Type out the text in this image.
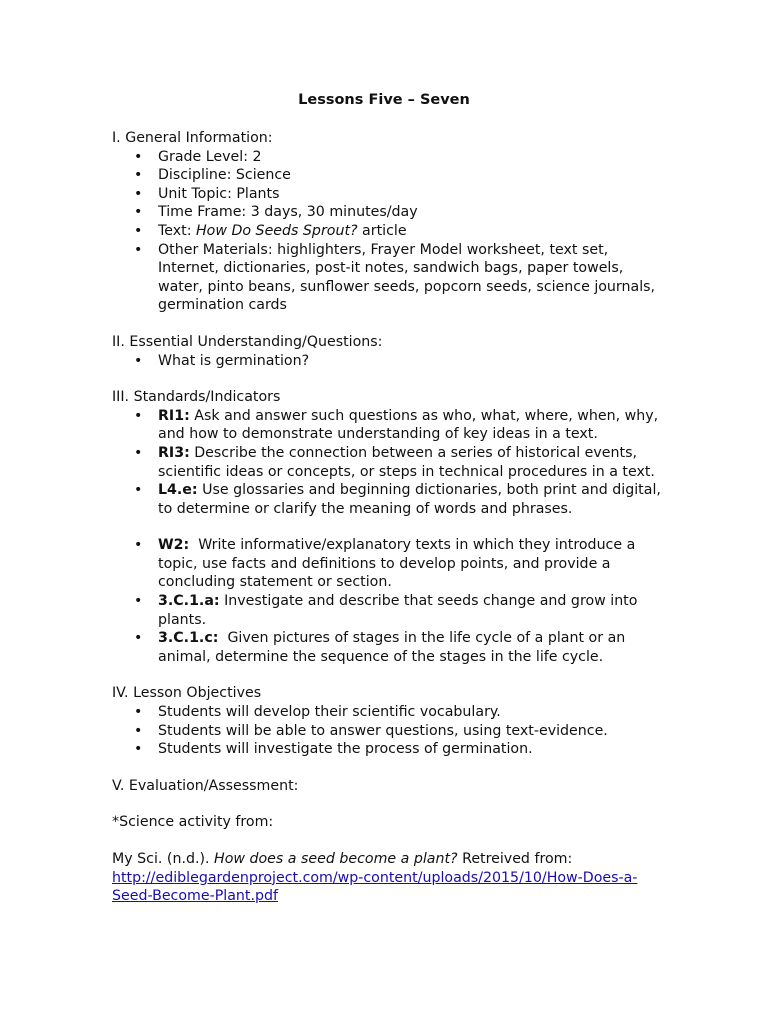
Lessons Five – Seven
I. General Information:
• Grade Level: 2
• Discipline: Science
• Unit Topic: Plants
• Time Frame: 3 days, 30 minutes/day
• Text: How Do Seeds Sprout? article
• Other Materials: highlighters, Frayer Model worksheet, text set, Internet, dictionaries, post-it notes, sandwich bags, paper towels, water, pinto beans, sunflower seeds, popcorn seeds, science journals, germination cards
II. Essential Understanding/Questions:
• What is germination?
III. Standards/Indicators
• RI1: Ask and answer such questions as who, what, where, when, why, and how to demonstrate understanding of key ideas in a text.
• RI3: Describe the connection between a series of historical events, scientific ideas or concepts, or steps in technical procedures in a text.
• L4.e: Use glossaries and beginning dictionaries, both print and digital, to determine or clarify the meaning of words and phrases.
• W2:  Write informative/explanatory texts in which they introduce a topic, use facts and definitions to develop points, and provide a concluding statement or section.
• 3.C.1.a: Investigate and describe that seeds change and grow into plants.
• 3.C.1.c:  Given pictures of stages in the life cycle of a plant or an animal, determine the sequence of the stages in the life cycle.
IV. Lesson Objectives
• Students will develop their scientific vocabulary.
• Students will be able to answer questions, using text-evidence.
• Students will investigate the process of germination.
V. Evaluation/Assessment:
*Science activity from:
My Sci. (n.d.). How does a seed become a plant? Retreived from: http://ediblegardenproject.com/wp-content/uploads/2015/10/How-Does-a-Seed-Become-Plant.pdf
